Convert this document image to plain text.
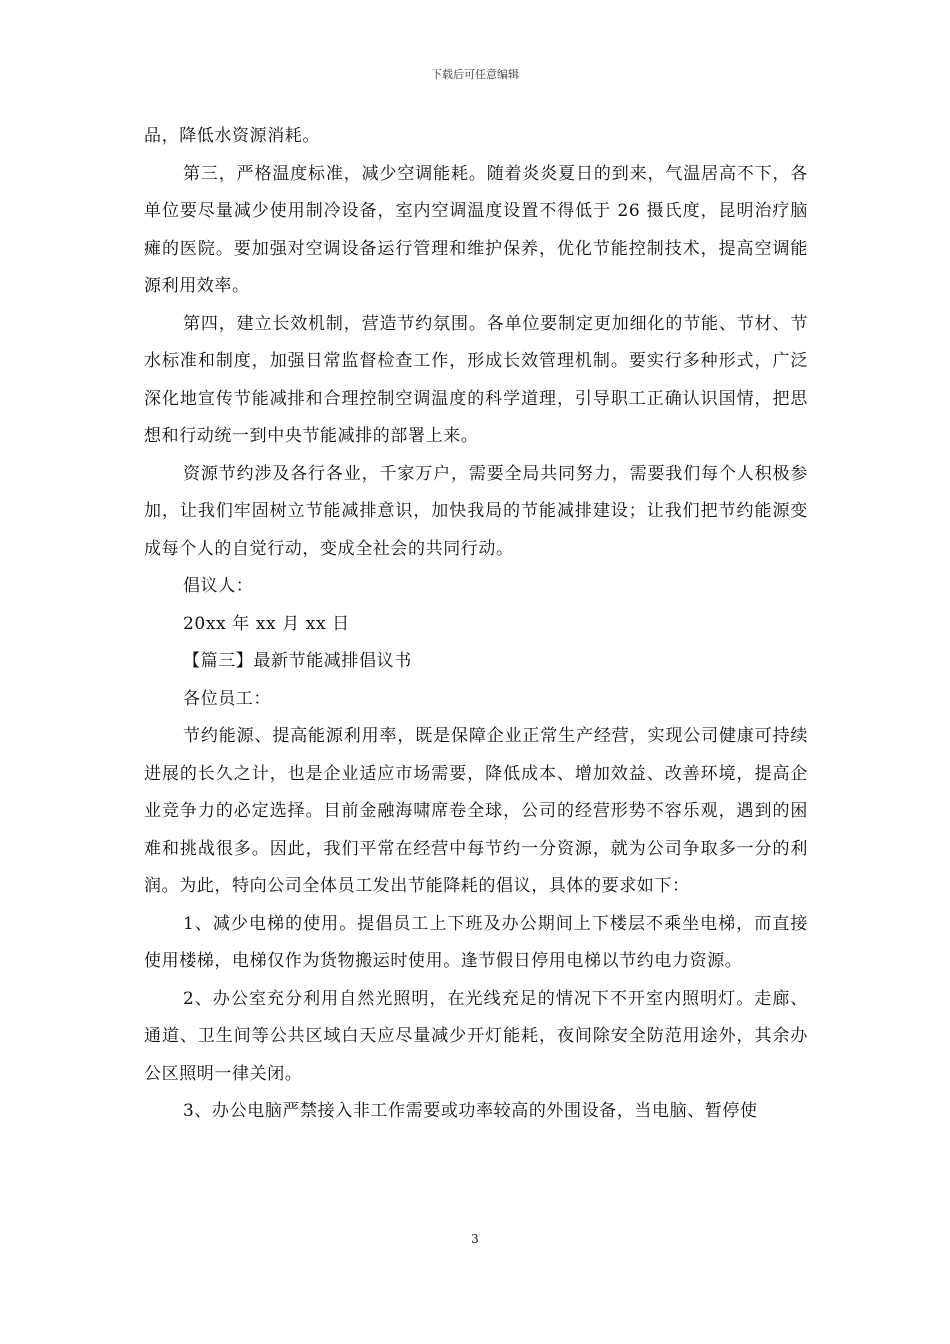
下载后可任意编辑

品，降低水资源消耗。

第三，严格温度标准，减少空调能耗。随着炎炎夏日的到来，气温居高不下，各单位要尽量减少使用制冷设备，室内空调温度设置不得低于 26 摄氏度，昆明治疗脑瘫的医院。要加强对空调设备运行管理和维护保养，优化节能控制技术，提高空调能源利用效率。

第四，建立长效机制，营造节约氛围。各单位要制定更加细化的节能、节材、节水标准和制度，加强日常监督检查工作，形成长效管理机制。要实行多种形式，广泛深化地宣传节能减排和合理控制空调温度的科学道理，引导职工正确认识国情，把思想和行动统一到中央节能减排的部署上来。

资源节约涉及各行各业，千家万户，需要全局共同努力，需要我们每个人积极参加，让我们牢固树立节能减排意识，加快我局的节能减排建设；让我们把节约能源变成每个人的自觉行动，变成全社会的共同行动。

倡议人：

20xx 年 xx 月 xx 日

【篇三】最新节能减排倡议书

各位员工：

节约能源、提高能源利用率，既是保障企业正常生产经营，实现公司健康可持续进展的长久之计，也是企业适应市场需要，降低成本、增加效益、改善环境，提高企业竞争力的必定选择。目前金融海啸席卷全球，公司的经营形势不容乐观，遇到的困难和挑战很多。因此，我们平常在经营中每节约一分资源，就为公司争取多一分的利润。为此，特向公司全体员工发出节能降耗的倡议，具体的要求如下：

1、减少电梯的使用。提倡员工上下班及办公期间上下楼层不乘坐电梯，而直接使用楼梯，电梯仅作为货物搬运时使用。逢节假日停用电梯以节约电力资源。

2、办公室充分利用自然光照明，在光线充足的情况下不开室内照明灯。走廊、通道、卫生间等公共区域白天应尽量减少开灯能耗，夜间除安全防范用途外，其余办公区照明一律关闭。

3、办公电脑严禁接入非工作需要或功率较高的外围设备，当电脑、暂停使

3
